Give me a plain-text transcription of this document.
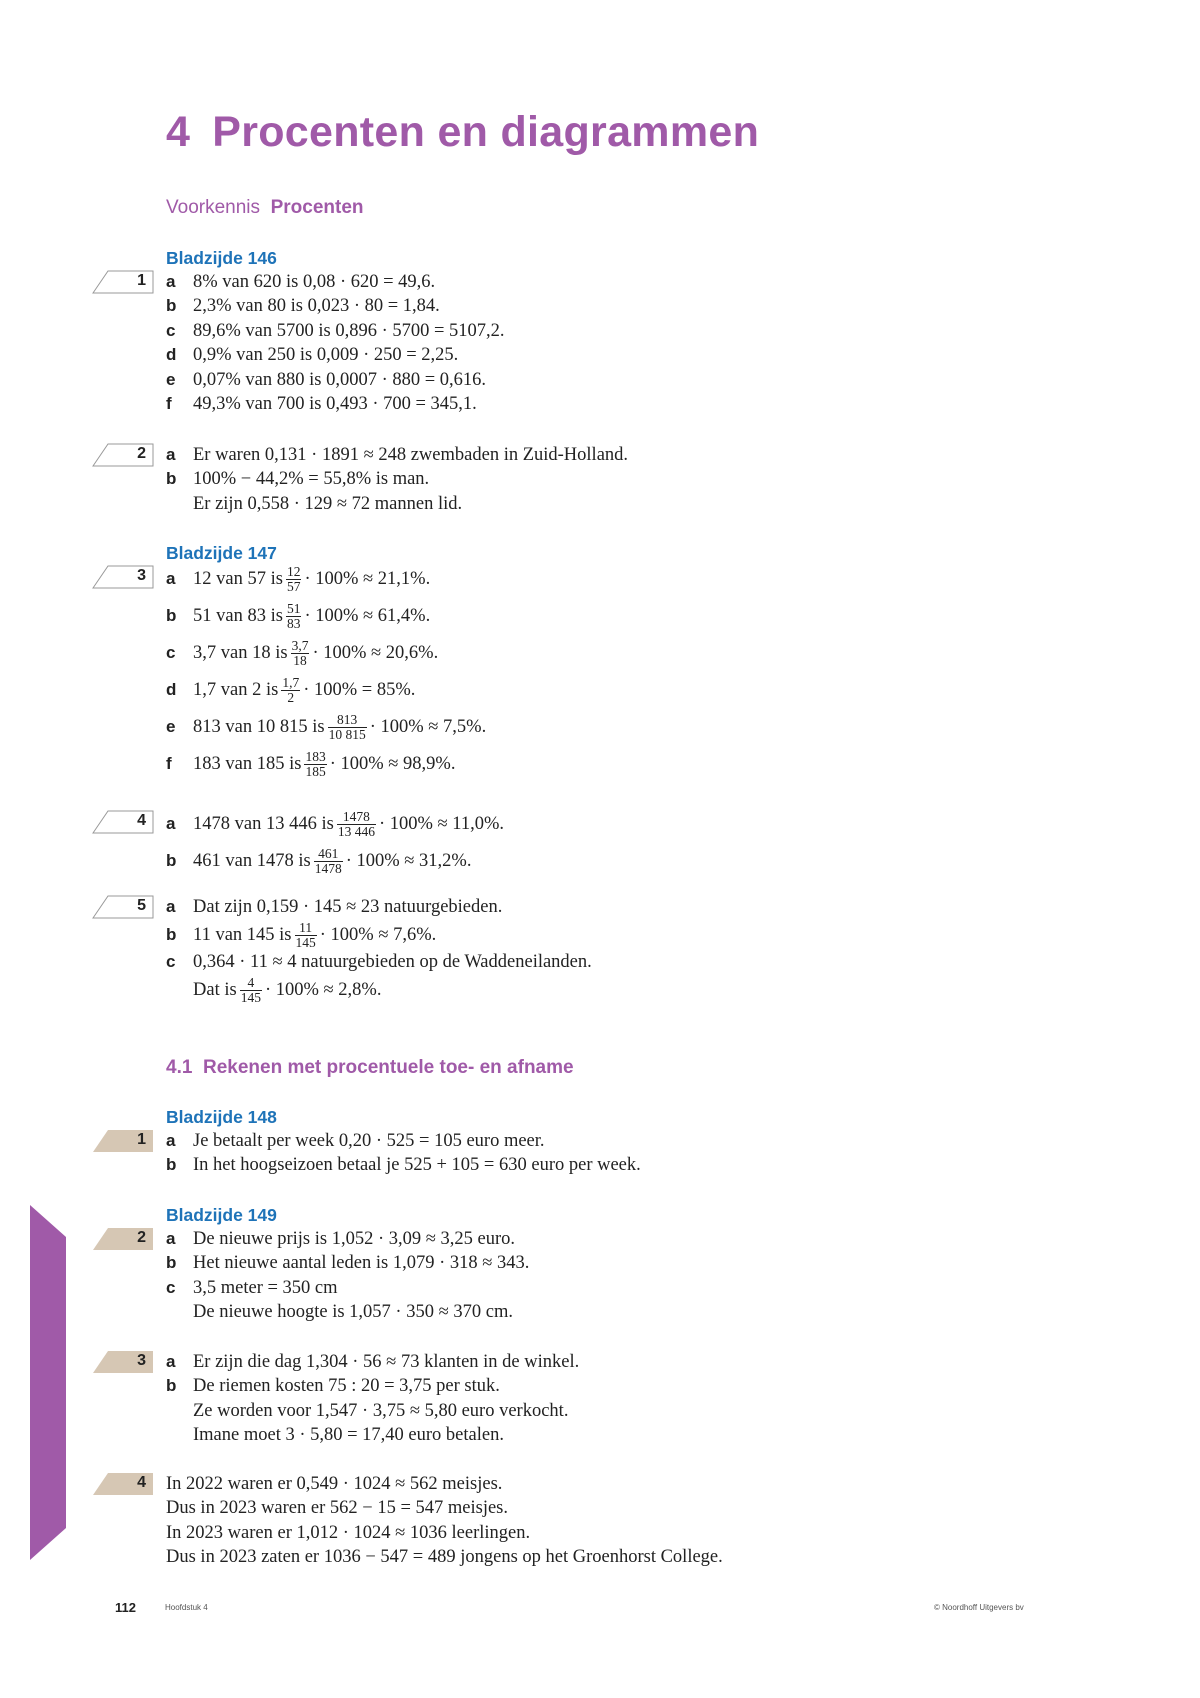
4 Procenten en diagrammen
Voorkennis Procenten
Bladzijde 146
1 a 8% van 620 is 0,08 · 620 = 49,6.
b 2,3% van 80 is 0,023 · 80 = 1,84.
c 89,6% van 5700 is 0,896 · 5700 = 5107,2.
d 0,9% van 250 is 0,009 · 250 = 2,25.
e 0,07% van 880 is 0,0007 · 880 = 0,616.
f 49,3% van 700 is 0,493 · 700 = 345,1.
2 a Er waren 0,131 · 1891 ≈ 248 zwembaden in Zuid-Holland.
b 100% − 44,2% = 55,8% is man.
Er zijn 0,558 · 129 ≈ 72 mannen lid.
Bladzijde 147
3 a 12 van 57 is $\frac{12}{57} \cdot 100\% \approx 21,1\%$.
b 51 van 83 is $\frac{51}{83} \cdot 100\% \approx 61,4\%$.
c 3,7 van 18 is $\frac{3,7}{18} \cdot 100\% \approx 20,6\%$.
d 1,7 van 2 is $\frac{1,7}{2} \cdot 100\% = 85\%$.
e 813 van 10 815 is $\frac{813}{10 815} \cdot 100\% \approx 7,5\%$.
f 183 van 185 is $\frac{183}{185} \cdot 100\% \approx 98,9\%$.
4 a 1478 van 13 446 is $\frac{1478}{13 446} \cdot 100\% \approx 11,0\%$.
b 461 van 1478 is $\frac{461}{1478} \cdot 100\% \approx 31,2\%$.
5 a Dat zijn 0,159 · 145 ≈ 23 natuurgebieden.
b 11 van 145 is $\frac{11}{145} \cdot 100\% \approx 7,6\%$.
c 0,364 · 11 ≈ 4 natuurgebieden op de Waddeneilanden.
Dat is $\frac{4}{145} \cdot 100\% \approx 2,8\%$.
4.1 Rekenen met procentuele toe- en afname
Bladzijde 148
1 a Je betaalt per week 0,20 · 525 = 105 euro meer.
b In het hoogseizoen betaal je 525 + 105 = 630 euro per week.
Bladzijde 149
2 a De nieuwe prijs is 1,052 · 3,09 ≈ 3,25 euro.
b Het nieuwe aantal leden is 1,079 · 318 ≈ 343.
c 3,5 meter = 350 cm
De nieuwe hoogte is 1,057 · 350 ≈ 370 cm.
3 a Er zijn die dag 1,304 · 56 ≈ 73 klanten in de winkel.
b De riemen kosten 75 : 20 = 3,75 per stuk.
Ze worden voor 1,547 · 3,75 ≈ 5,80 euro verkocht.
Imane moet 3 · 5,80 = 17,40 euro betalen.
4 In 2022 waren er 0,549 · 1024 ≈ 562 meisjes.
Dus in 2023 waren er 562 − 15 = 547 meisjes.
In 2023 waren er 1,012 · 1024 ≈ 1036 leerlingen.
Dus in 2023 zaten er 1036 − 547 = 489 jongens op het Groenhorst College.
112	Hoofdstuk 4	© Noordhoff Uitgevers bv
